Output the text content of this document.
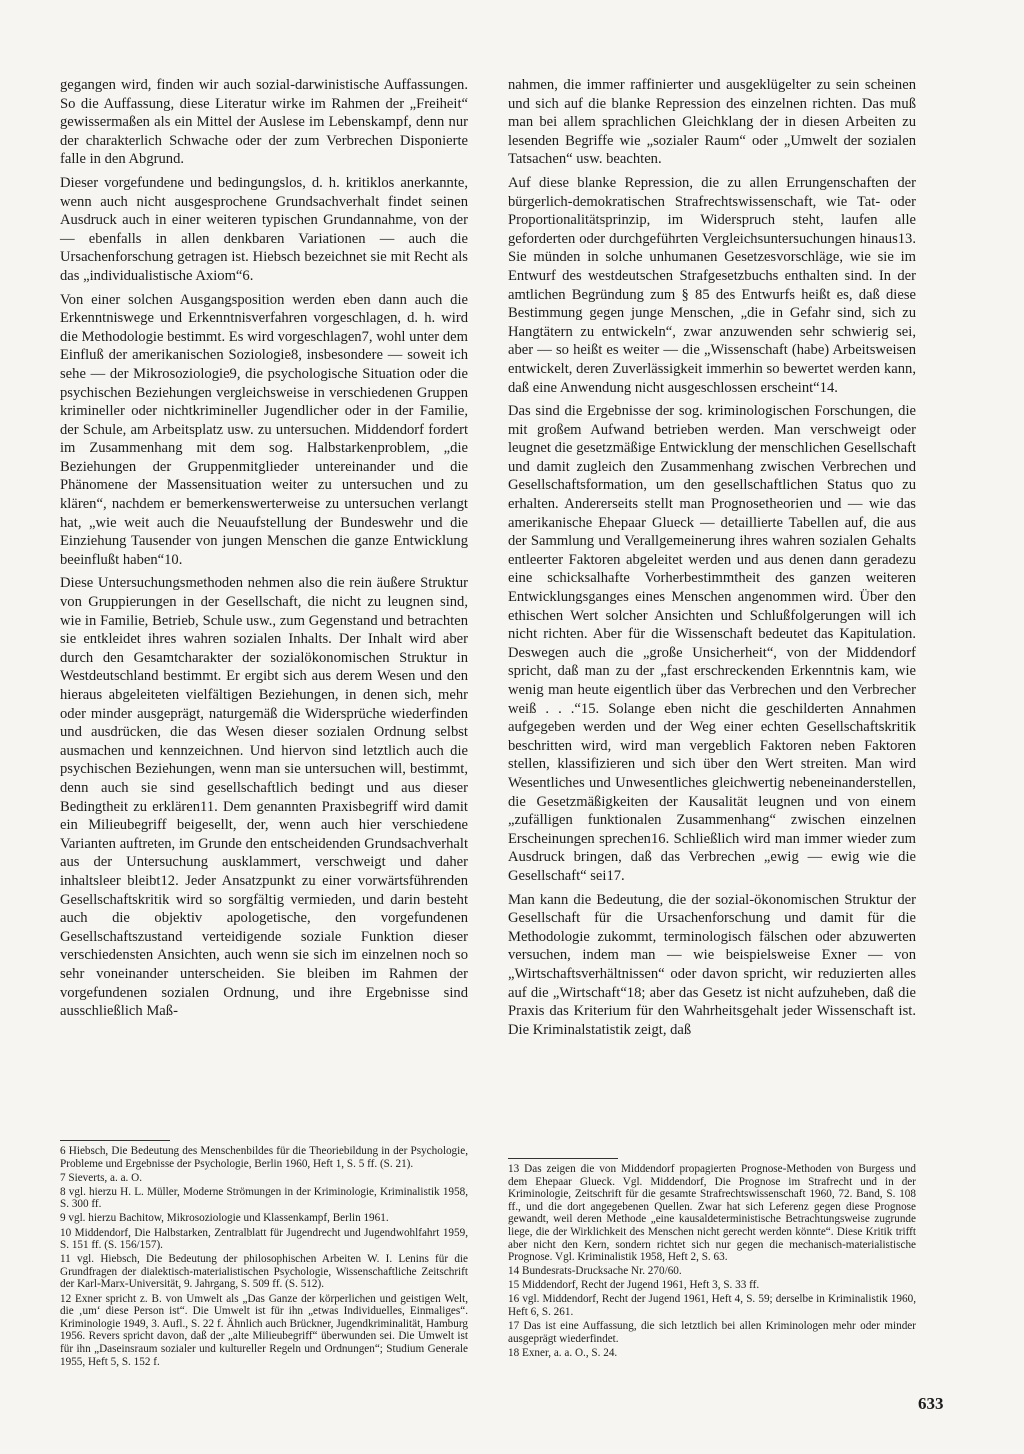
gegangen wird, finden wir auch sozial-darwinistische Auffassungen. So die Auffassung, diese Literatur wirke im Rahmen der „Freiheit“ gewissermaßen als ein Mittel der Auslese im Lebenskampf, denn nur der charakterlich Schwache oder der zum Verbrechen Disponierte falle in den Abgrund.

Dieser vorgefundene und bedingungslos, d. h. kritiklos anerkannte, wenn auch nicht ausgesprochene Grundsachverhalt findet seinen Ausdruck auch in einer weiteren typischen Grundannahme, von der — ebenfalls in allen denkbaren Variationen — auch die Ursachenforschung getragen ist. Hiebsch bezeichnet sie mit Recht als das „individualistische Axiom“6.

Von einer solchen Ausgangsposition werden eben dann auch die Erkenntniswege und Erkenntnisverfahren vorgeschlagen, d. h. wird die Methodologie bestimmt. Es wird vorgeschlagen7, wohl unter dem Einfluß der amerikanischen Soziologie8, insbesondere — soweit ich sehe — der Mikrosoziologie9, die psychologische Situation oder die psychischen Beziehungen vergleichsweise in verschiedenen Gruppen krimineller oder nichtkrimineller Jugendlicher oder in der Familie, der Schule, am Arbeitsplatz usw. zu untersuchen. Middendorf fordert im Zusammenhang mit dem sog. Halbstarkenproblem, „die Beziehungen der Gruppenmitglieder untereinander und die Phänomene der Massensituation weiter zu untersuchen und zu klären“, nachdem er bemerkenswerterweise zu untersuchen verlangt hat, „wie weit auch die Neuaufstellung der Bundeswehr und die Einziehung Tausender von jungen Menschen die ganze Entwicklung beeinflußt haben“10.

Diese Untersuchungsmethoden nehmen also die rein äußere Struktur von Gruppierungen in der Gesellschaft, die nicht zu leugnen sind, wie in Familie, Betrieb, Schule usw., zum Gegenstand und betrachten sie entkleidet ihres wahren sozialen Inhalts. Der Inhalt wird aber durch den Gesamtcharakter der sozialökonomischen Struktur in Westdeutschland bestimmt. Er ergibt sich aus derem Wesen und den hieraus abgeleiteten vielfältigen Beziehungen, in denen sich, mehr oder minder ausgeprägt, naturgemäß die Widersprüche wiederfinden und ausdrücken, die das Wesen dieser sozialen Ordnung selbst ausmachen und kennzeichnen. Und hiervon sind letztlich auch die psychischen Beziehungen, wenn man sie untersuchen will, bestimmt, denn auch sie sind gesellschaftlich bedingt und aus dieser Bedingtheit zu erklären11. Dem genannten Praxisbegriff wird damit ein Milieubegriff beigesellt, der, wenn auch hier verschiedene Varianten auftreten, im Grunde den entscheidenden Grundsachverhalt aus der Untersuchung ausklammert, verschweigt und daher inhaltsleer bleibt12. Jeder Ansatzpunkt zu einer vorwärtsführenden Gesellschaftskritik wird so sorgfältig vermieden, und darin besteht auch die objektiv apologetische, den vorgefundenen Gesellschaftszustand verteidigende soziale Funktion dieser verschiedensten Ansichten, auch wenn sie sich im einzelnen noch so sehr voneinander unterscheiden. Sie bleiben im Rahmen der vorgefundenen sozialen Ordnung, und ihre Ergebnisse sind ausschließlich Maß-

6 Hiebsch, Die Bedeutung des Menschenbildes für die Theoriebildung in der Psychologie, Probleme und Ergebnisse der Psychologie, Berlin 1960, Heft 1, S. 5 ff. (S. 21).

7 Sieverts, a. a. O.

8 vgl. hierzu H. L. Müller, Moderne Strömungen in der Kriminologie, Kriminalistik 1958, S. 300 ff.

9 vgl. hierzu Bachitow, Mikrosoziologie und Klassenkampf, Berlin 1961.

10 Middendorf, Die Halbstarken, Zentralblatt für Jugendrecht und Jugendwohlfahrt 1959, S. 151 ff. (S. 156/157).

11 vgl. Hiebsch, Die Bedeutung der philosophischen Arbeiten W. I. Lenins für die Grundfragen der dialektisch-materialistischen Psychologie, Wissenschaftliche Zeitschrift der Karl-Marx-Universität, 9. Jahrgang, S. 509 ff. (S. 512).

12 Exner spricht z. B. von Umwelt als „Das Ganze der körperlichen und geistigen Welt, die ‚um‘ diese Person ist“. Die Umwelt ist für ihn „etwas Individuelles, Einmaliges“. Kriminologie 1949, 3. Aufl., S. 22 f. Ähnlich auch Brückner, Jugendkriminalität, Hamburg 1956. Revers spricht davon, daß der „alte Milieubegriff“ überwunden sei. Die Umwelt ist für ihn „Daseinsraum sozialer und kultureller Regeln und Ordnungen“; Studium Generale 1955, Heft 5, S. 152 f.

nahmen, die immer raffinierter und ausgeklügelter zu sein scheinen und sich auf die blanke Repression des einzelnen richten. Das muß man bei allem sprachlichen Gleichklang der in diesen Arbeiten zu lesenden Begriffe wie „sozialer Raum“ oder „Umwelt der sozialen Tatsachen“ usw. beachten.

Auf diese blanke Repression, die zu allen Errungenschaften der bürgerlich-demokratischen Strafrechtswissenschaft, wie Tat- oder Proportionalitätsprinzip, im Widerspruch steht, laufen alle geforderten oder durchgeführten Vergleichsuntersuchungen hinaus13. Sie münden in solche unhumanen Gesetzesvorschläge, wie sie im Entwurf des westdeutschen Strafgesetzbuchs enthalten sind. In der amtlichen Begründung zum § 85 des Entwurfs heißt es, daß diese Bestimmung gegen junge Menschen, „die in Gefahr sind, sich zu Hangtätern zu entwickeln“, zwar anzuwenden sehr schwierig sei, aber — so heißt es weiter — die „Wissenschaft (habe) Arbeitsweisen entwickelt, deren Zuverlässigkeit immerhin so bewertet werden kann, daß eine Anwendung nicht ausgeschlossen erscheint“14.

Das sind die Ergebnisse der sog. kriminologischen Forschungen, die mit großem Aufwand betrieben werden. Man verschweigt oder leugnet die gesetzmäßige Entwicklung der menschlichen Gesellschaft und damit zugleich den Zusammenhang zwischen Verbrechen und Gesellschaftsformation, um den gesellschaftlichen Status quo zu erhalten. Andererseits stellt man Prognosetheorien und — wie das amerikanische Ehepaar Glueck — detaillierte Tabellen auf, die aus der Sammlung und Verallgemeinerung ihres wahren sozialen Gehalts entleerter Faktoren abgeleitet werden und aus denen dann geradezu eine schicksalhafte Vorherbestimmtheit des ganzen weiteren Entwicklungsganges eines Menschen angenommen wird. Über den ethischen Wert solcher Ansichten und Schlußfolgerungen will ich nicht richten. Aber für die Wissenschaft bedeutet das Kapitulation. Deswegen auch die „große Unsicherheit“, von der Middendorf spricht, daß man zu der „fast erschreckenden Erkenntnis kam, wie wenig man heute eigentlich über das Verbrechen und den Verbrecher weiß . . .“15. Solange eben nicht die geschilderten Annahmen aufgegeben werden und der Weg einer echten Gesellschaftskritik beschritten wird, wird man vergeblich Faktoren neben Faktoren stellen, klassifizieren und sich über den Wert streiten. Man wird Wesentliches und Unwesentliches gleichwertig nebeneinanderstellen, die Gesetzmäßigkeiten der Kausalität leugnen und von einem „zufälligen funktionalen Zusammenhang“ zwischen einzelnen Erscheinungen sprechen16. Schließlich wird man immer wieder zum Ausdruck bringen, daß das Verbrechen „ewig — ewig wie die Gesellschaft“ sei17.

Man kann die Bedeutung, die der sozial-ökonomischen Struktur der Gesellschaft für die Ursachenforschung und damit für die Methodologie zukommt, terminologisch fälschen oder abzuwerten versuchen, indem man — wie beispielsweise Exner — von „Wirtschaftsverhältnissen“ oder davon spricht, wir reduzierten alles auf die „Wirtschaft“18; aber das Gesetz ist nicht aufzuheben, daß die Praxis das Kriterium für den Wahrheitsgehalt jeder Wissenschaft ist. Die Kriminalstatistik zeigt, daß

13 Das zeigen die von Middendorf propagierten Prognose-Methoden von Burgess und dem Ehepaar Glueck. Vgl. Middendorf, Die Prognose im Strafrecht und in der Kriminologie, Zeitschrift für die gesamte Strafrechtswissenschaft 1960, 72. Band, S. 108 ff., und die dort angegebenen Quellen. Zwar hat sich Leferenz gegen diese Prognose gewandt, weil deren Methode „eine kausaldeterministische Betrachtungsweise zugrunde liege, die der Wirklichkeit des Menschen nicht gerecht werden könnte“. Diese Kritik trifft aber nicht den Kern, sondern richtet sich nur gegen die mechanisch-materialistische Prognose. Vgl. Kriminalistik 1958, Heft 2, S. 63.

14 Bundesrats-Drucksache Nr. 270/60.

15 Middendorf, Recht der Jugend 1961, Heft 3, S. 33 ff.

16 vgl. Middendorf, Recht der Jugend 1961, Heft 4, S. 59; derselbe in Kriminalistik 1960, Heft 6, S. 261.

17 Das ist eine Auffassung, die sich letztlich bei allen Kriminologen mehr oder minder ausgeprägt wiederfindet.

18 Exner, a. a. O., S. 24.

633
